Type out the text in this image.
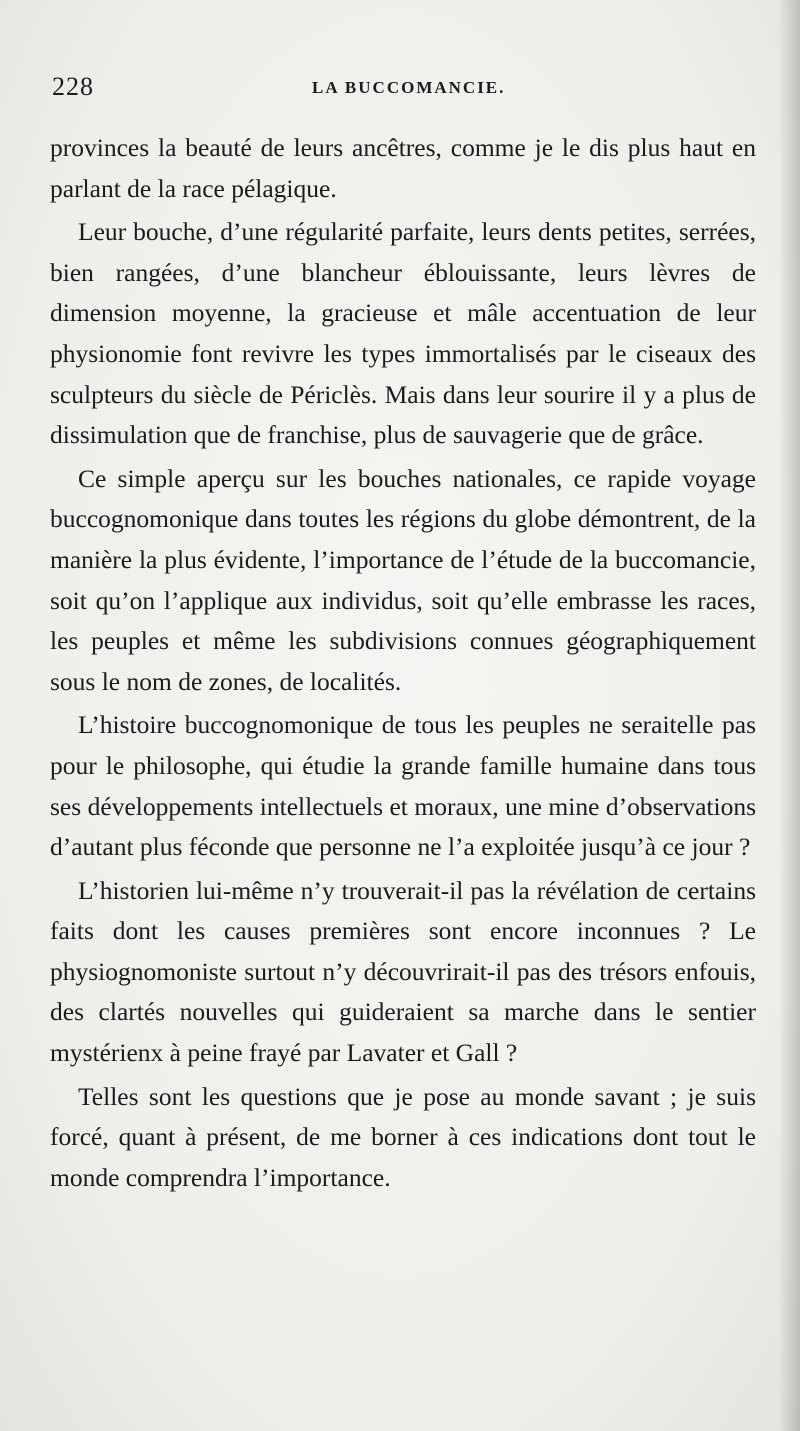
228	LA BUCCOMANCIE.

provinces la beauté de leurs ancêtres, comme je le dis plus haut en parlant de la race pélagique.

Leur bouche, d’une régularité parfaite, leurs dents petites, serrées, bien rangées, d’une blancheur éblouissante, leurs lèvres de dimension moyenne, la gracieuse et mâle accentuation de leur physionomie font revivre les types immortalisés par le ciseaux des sculpteurs du siècle de Périclès. Mais dans leur sourire il y a plus de dissimulation que de franchise, plus de sauvagerie que de grâce.

Ce simple aperçu sur les bouches nationales, ce rapide voyage buccognomonique dans toutes les régions du globe démontrent, de la manière la plus évidente, l’importance de l’étude de la buccomancie, soit qu’on l’applique aux individus, soit qu’elle embrasse les races, les peuples et même les subdivisions connues géographiquement sous le nom de zones, de localités.

L’histoire buccognomonique de tous les peuples ne seraitelle pas pour le philosophe, qui étudie la grande famille humaine dans tous ses développements intellectuels et moraux, une mine d’observations d’autant plus féconde que personne ne l’a exploitée jusqu’à ce jour ?

L’historien lui-même n’y trouverait-il pas la révélation de certains faits dont les causes premières sont encore inconnues ? Le physiognomoniste surtout n’y découvrirait-il pas des trésors enfouis, des clartés nouvelles qui guideraient sa marche dans le sentier mystérienx à peine frayé par Lavater et Gall ?

Telles sont les questions que je pose au monde savant ; je suis forcé, quant à présent, de me borner à ces indications dont tout le monde comprendra l’importance.
